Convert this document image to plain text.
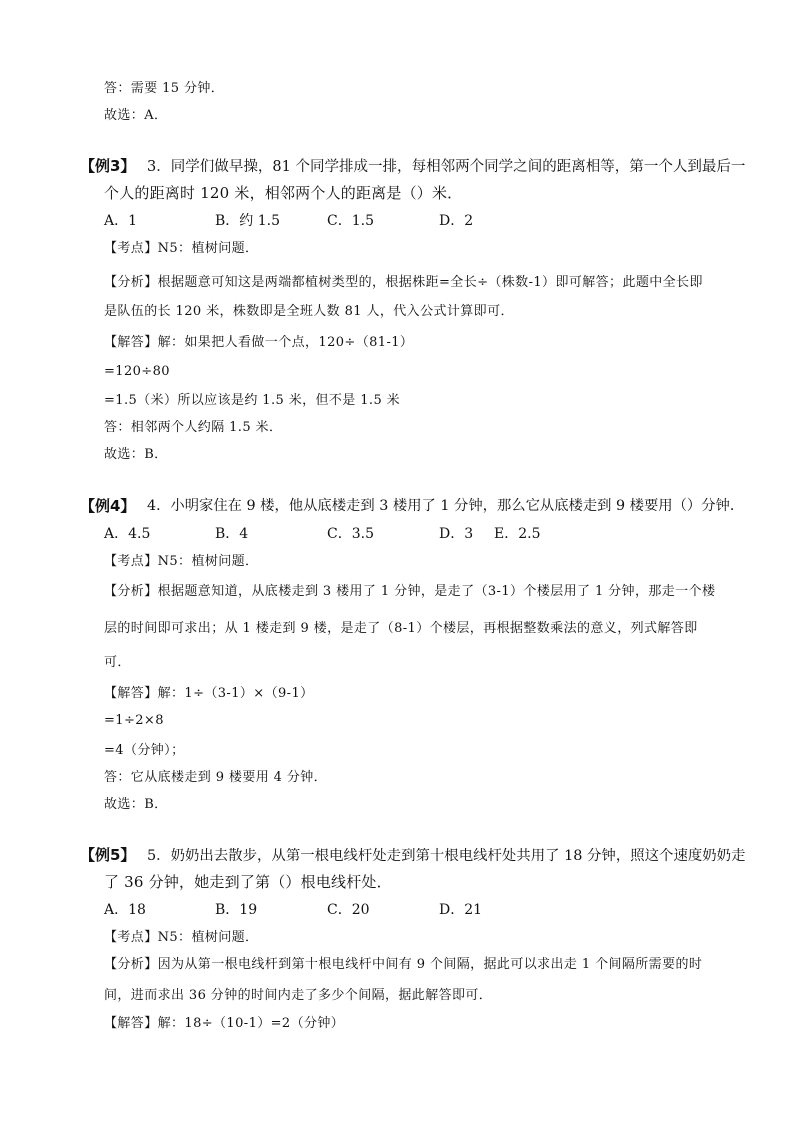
答：需要 15 分钟．
故选：A．
【例3】 3．同学们做早操，81 个同学排成一排，每相邻两个同学之间的距离相等，第一个人到最后一
个人的距离时 120 米，相邻两个人的距离是（）米．
A．1	B．约 1.5	C．1.5	D．2
【考点】N5：植树问题．
【分析】根据题意可知这是两端都植树类型的，根据株距=全长÷（株数-1）即可解答；此题中全长即
是队伍的长 120 米，株数即是全班人数 81 人，代入公式计算即可．
【解答】解：如果把人看做一个点，120÷（81-1）
=120÷80
=1.5（米）所以应该是约 1.5 米，但不是 1.5 米
答：相邻两个人约隔 1.5 米．
故选：B．
【例4】 4．小明家住在 9 楼，他从底楼走到 3 楼用了 1 分钟，那么它从底楼走到 9 楼要用（）分钟．
A．4.5	B．4	C．3.5	D．3 E．2.5
【考点】N5：植树问题．
【分析】根据题意知道，从底楼走到 3 楼用了 1 分钟，是走了（3-1）个楼层用了 1 分钟，那走一个楼
层的时间即可求出；从 1 楼走到 9 楼，是走了（8-1）个楼层，再根据整数乘法的意义，列式解答即
可．
【解答】解：1÷（3-1）×（9-1）
=1÷2×8
=4（分钟）；
答：它从底楼走到 9 楼要用 4 分钟．
故选：B．
【例5】 5．奶奶出去散步，从第一根电线杆处走到第十根电线杆处共用了 18 分钟，照这个速度奶奶走
了 36 分钟，她走到了第（）根电线杆处．
A．18	B．19	C．20	D．21
【考点】N5：植树问题．
【分析】因为从第一根电线杆到第十根电线杆中间有 9 个间隔，据此可以求出走 1 个间隔所需要的时
间，进而求出 36 分钟的时间内走了多少个间隔，据此解答即可．
【解答】解：18÷（10-1）=2（分钟）
